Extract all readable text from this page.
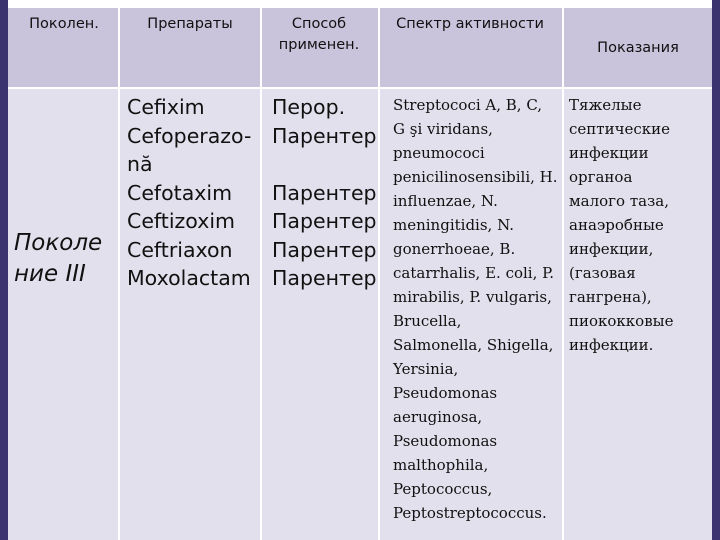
Поколен.	Препараты	Способ
применен.
Спектр активности
Показания
Поколе
ние III
Cefixim
Cefoperazo-
nă
Cefotaxim
Ceftizoxim
Ceftriaxon
Moxolactam
Перор.
Парентер

Парентер
Парентер
Парентер
Парентер
Streptococi A, B, C,
G şi viridans,
pneumococi
penicilinosensibili, H.
influenzae, N.
meningitidis, N.
gonerrhoeae, B.
catarrhalis, E. coli, P.
mirabilis, P. vulgaris,
Brucella,
Salmonella, Shigella,
Yersinia,
Pseudomonas
aeruginosa,
Pseudomonas
malthophila,
Peptococcus,
Peptostreptococcus.
Тяжелые
септические
инфекции
органоа
малого таза,
анаэробные
инфекции,
(газовая
гангрена),
пиококковые
инфекции.
